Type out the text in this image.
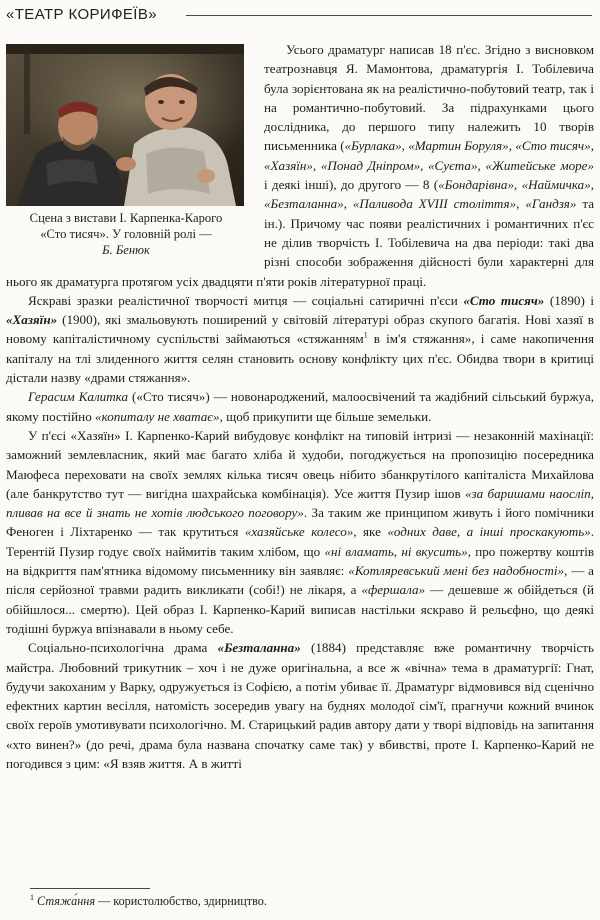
«ТЕАТР КОРИФЕЇВ»
Сцена з вистави І. Карпенка-Карого
«Сто тисяч». У головній ролі —
Б. Бенюк

Усього драматург написав 18 п'єс. Згідно з висновком театрознавця Я. Мамонтова, драматургія І. Тобілевича була зорієнтована як на реалістично-побутовий театр, так і на романтично-побутовий. За підрахунками цього дослідника, до першого типу належить 10 творів письменника («Бурлака», «Мартин Боруля», «Сто тисяч», «Хазяїн», «Понад Дніпром», «Суєта», «Житейське море» і деякі інші), до другого — 8 («Бондарівна», «Наймичка», «Безталанна», «Паливода XVIII століття», «Гандзя» та ін.). Причому час появи реалістичних і романтичних п'єс не ділив творчість І. Тобілевича на два періоди: такі два різні способи зображення дійсності були характерні для нього як драматурга протягом усіх двадцяти п'яти років літературної праці.

Яскраві зразки реалістичної творчості митця — соціальні сатиричні п'єси «Сто тисяч» (1890) і «Хазяїн» (1900), які змальовують поширений у світовій літературі образ скупого багатія. Нові хазяї в новому капіталістичному суспільстві займаються «стяжанням$^1$ в ім'я стяжання», і саме накопичення капіталу на тлі злиденного життя селян становить основу конфлікту цих п'єс. Обидва твори в критиці дістали назву «драми стяжання».

Герасим Калитка («Сто тисяч») — новонароджений, малоосвічений та жадібний сільський буржуа, якому постійно «копиталу не хватає», щоб прикупити ще більше земельки.

У п'єсі «Хазяїн» І. Карпенко-Карий вибудовує конфлікт на типовій інтризі — незаконній махінації: заможний землевласник, який має багато хліба й худоби, погоджується на пропозицію посередника Маюфеса переховати на своїх землях кілька тисяч овець нібито збанкрутілого капіталіста Михайлова (але банкрутство тут — вигідна шахрайська комбінація). Усе життя Пузир ішов «за баришами наосліп, пливав на все й знать не хотів людського поговору». За таким же принципом живуть і його помічники Феноген і Ліхтаренко — так крутиться «хазяйське колесо», яке «одних даве, а інші проскакують». Терентій Пузир годує своїх наймитів таким хлібом, що «ні вламать, ні вкусить», про пожертву коштів на відкриття пам'ятника відомому письменнику він заявляє: «Котляревський мені без надобності», — а після серйозної травми радить викликати (собі!) не лікаря, а «фершала» — дешевше ж обійдеться (й обійшлося... смертю). Цей образ І. Карпенко-Карий виписав настільки яскраво й рельєфно, що деякі тодішні буржуа впізнавали в ньому себе.

Соціально-психологічна драма «Безталанна» (1884) представляє вже романтичну творчість майстра. Любовний трикутник – хоч і не дуже оригінальна, а все ж «вічна» тема в драматургії: Гнат, будучи закоханим у Варку, одружується із Софією, а потім убиває її. Драматург відмовився від сценічно ефектних картин весілля, натомість зосередив увагу на буднях молодої сім'ї, прагнучи кожний вчинок своїх героїв умотивувати психологічно. М. Старицький радив автору дати у творі відповідь на запитання «хто винен?» (до речі, драма була названа спочатку саме так) у вбивстві, проте І. Карпенко-Карий не погодився з цим: «Я взяв життя. А в житті

$^1$ Стяжа́ння — користолюбство, здирництво.
